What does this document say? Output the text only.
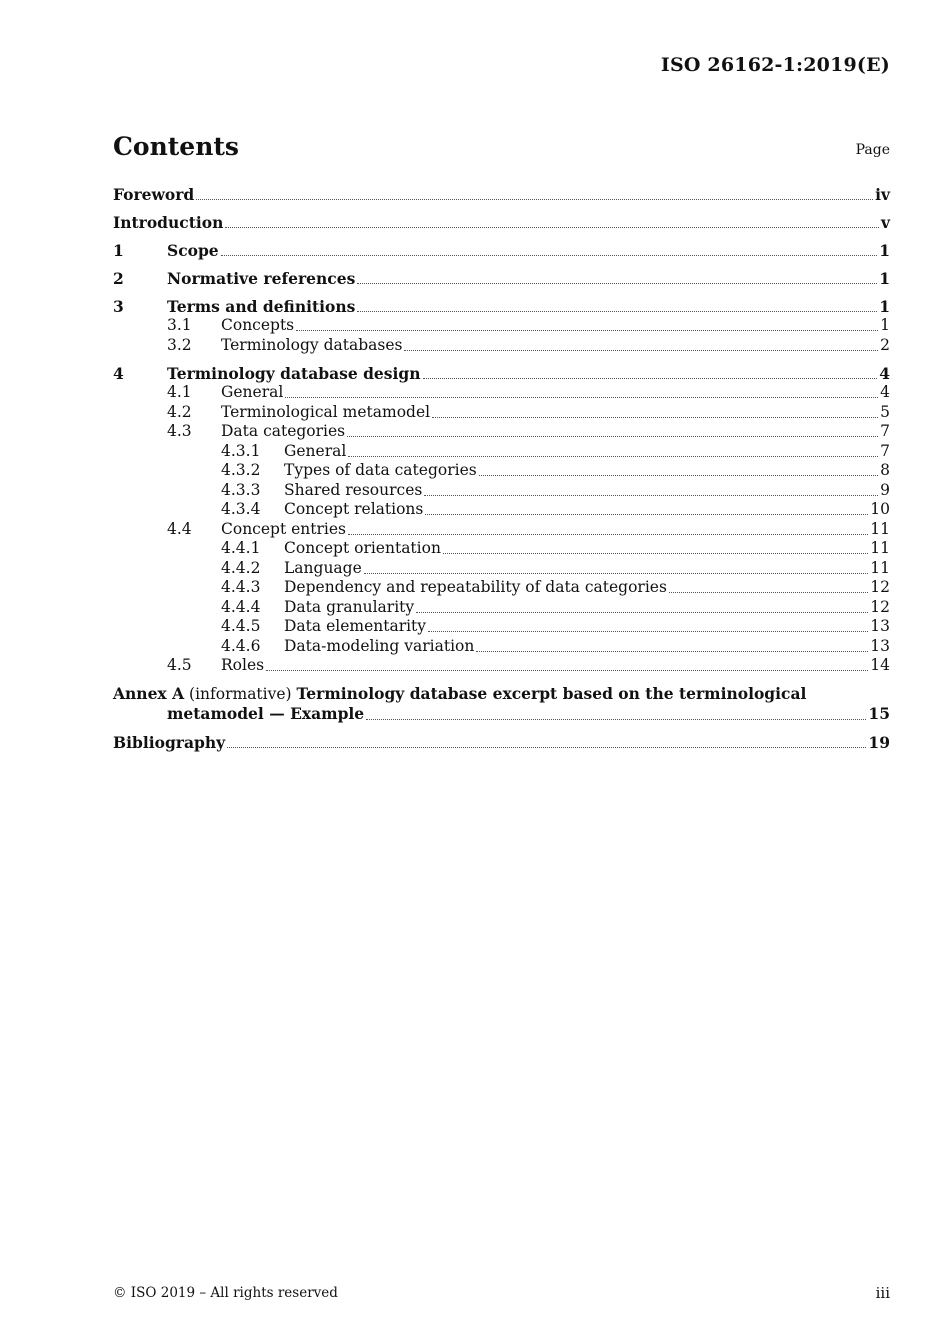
ISO 26162-1:2019(E)
Contents	Page
Foreword	iv
Introduction	v
1	Scope	1
2	Normative references	1
3	Terms and definitions	1
3.1	Concepts	1
3.2	Terminology databases	2
4	Terminology database design	4
4.1	General	4
4.2	Terminological metamodel	5
4.3	Data categories	7
4.3.1	General	7
4.3.2	Types of data categories	8
4.3.3	Shared resources	9
4.3.4	Concept relations	10
4.4	Concept entries	11
4.4.1	Concept orientation	11
4.4.2	Language	11
4.4.3	Dependency and repeatability of data categories	12
4.4.4	Data granularity	12
4.4.5	Data elementarity	13
4.4.6	Data-modeling variation	13
4.5	Roles	14
Annex A (informative) Terminology database excerpt based on the terminological
metamodel — Example	15
Bibliography	19
© ISO 2019 – All rights reserved	iii
